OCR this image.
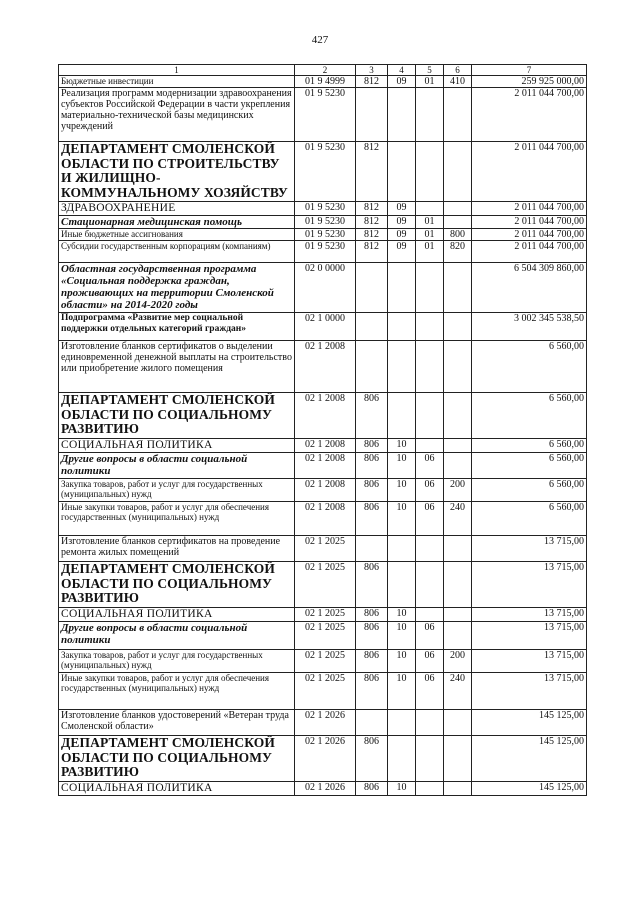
427
1	2	3	4	5	6	7
Бюджетные инвестиции	01 9 4999	812	09	01	410	259 925 000,00
Реализация программ модернизации здравоохранения субъектов Российской Федерации в части укрепления материально-технической базы медицинских учреждений	01 9 5230					2 011 044 700,00
ДЕПАРТАМЕНТ СМОЛЕНСКОЙ ОБЛАСТИ ПО СТРОИТЕЛЬСТВУ И ЖИЛИЩНО-КОММУНАЛЬНОМУ ХОЗЯЙСТВУ	01 9 5230	812				2 011 044 700,00
ЗДРАВООХРАНЕНИЕ	01 9 5230	812	09			2 011 044 700,00
Стационарная медицинская помощь	01 9 5230	812	09	01		2 011 044 700,00
Иные бюджетные ассигнования	01 9 5230	812	09	01	800	2 011 044 700,00
Субсидии государственным корпорациям (компаниям)	01 9 5230	812	09	01	820	2 011 044 700,00
Областная государственная программа «Социальная поддержка граждан, проживающих на территории Смоленской области» на 2014-2020 годы	02 0 0000					6 504 309 860,00
Подпрограмма «Развитие мер социальной поддержки отдельных категорий граждан»	02 1 0000					3 002 345 538,50
Изготовление бланков сертификатов о выделении единовременной денежной выплаты на строительство или приобретение жилого помещения	02 1 2008					6 560,00
ДЕПАРТАМЕНТ СМОЛЕНСКОЙ ОБЛАСТИ ПО СОЦИАЛЬНОМУ РАЗВИТИЮ	02 1 2008	806				6 560,00
СОЦИАЛЬНАЯ ПОЛИТИКА	02 1 2008	806	10			6 560,00
Другие вопросы в области социальной политики	02 1 2008	806	10	06		6 560,00
Закупка товаров, работ и услуг для государственных (муниципальных) нужд	02 1 2008	806	10	06	200	6 560,00
Иные закупки товаров, работ и услуг для обеспечения государственных (муниципальных) нужд	02 1 2008	806	10	06	240	6 560,00
Изготовление бланков сертификатов на проведение ремонта жилых помещений	02 1 2025					13 715,00
ДЕПАРТАМЕНТ СМОЛЕНСКОЙ ОБЛАСТИ ПО СОЦИАЛЬНОМУ РАЗВИТИЮ	02 1 2025	806				13 715,00
СОЦИАЛЬНАЯ ПОЛИТИКА	02 1 2025	806	10			13 715,00
Другие вопросы в области социальной политики	02 1 2025	806	10	06		13 715,00
Закупка товаров, работ и услуг для государственных (муниципальных) нужд	02 1 2025	806	10	06	200	13 715,00
Иные закупки товаров, работ и услуг для обеспечения государственных (муниципальных) нужд	02 1 2025	806	10	06	240	13 715,00
Изготовление бланков удостоверений «Ветеран труда Смоленской области»	02 1 2026					145 125,00
ДЕПАРТАМЕНТ СМОЛЕНСКОЙ ОБЛАСТИ ПО СОЦИАЛЬНОМУ РАЗВИТИЮ	02 1 2026	806				145 125,00
СОЦИАЛЬНАЯ ПОЛИТИКА	02 1 2026	806	10			145 125,00
